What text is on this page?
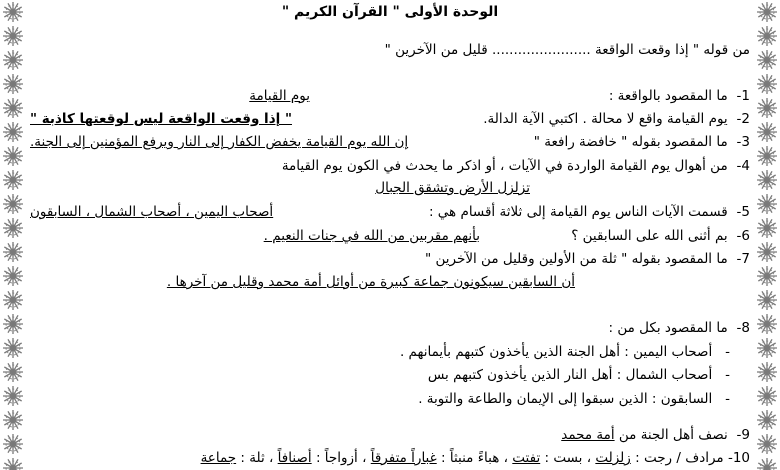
الوحدة الأولى " القرآن الكريم "
من قوله " إذا وقعت الواقعة ....................... قليل من الآخرين "
1- ما المقصود بالواقعة :
يوم القيامة
2- يوم القيامة واقع لا محالة . اكتبي الآية الدالة.
" إذا وقعت الواقعة ليس لوقعتها كاذبة "
3- ما المقصود بقوله " خافضة رافعة "
إن الله يوم القيامة يخفض الكفار إلى النار ويرفع المؤمنين إلى الجنة.
4- من أهوال يوم القيامة الواردة في الآيات ، أو اذكر ما يحدث في الكون يوم القيامة
تزلزل الأرض وتشقق الجبال
5- قسمت الآيات الناس يوم القيامة إلى ثلاثة أقسام هي :
أصحاب اليمين ، أصحاب الشمال ، السابقون
6- بم أثنى الله على السابقين ؟
بأنهم مقربين من الله في جنات النعيم .
7- ما المقصود بقوله " ثلة من الأولين وقليل من الآخرين "
أن السابقين سيكونون جماعة كبيرة من أوائل أمة محمد وقليل من آخرها .
8- ما المقصود بكل من :
-   أصحاب اليمين : أهل الجنة الذين يأخذون كتبهم بأيمانهم .
-   أصحاب الشمال : أهل النار الذين يأخذون كتبهم بس
-   السابقون : الذين سبقوا إلى الإيمان والطاعة والتوبة .
9- نصف أهل الجنة من أمة محمد
10- مرادف / رجت : زلزلت ، بست : تفتت ، هباءً منبثاً : غباراً متفرقاً ، أزواجاً : أصنافاً ، ثلة : جماعة
